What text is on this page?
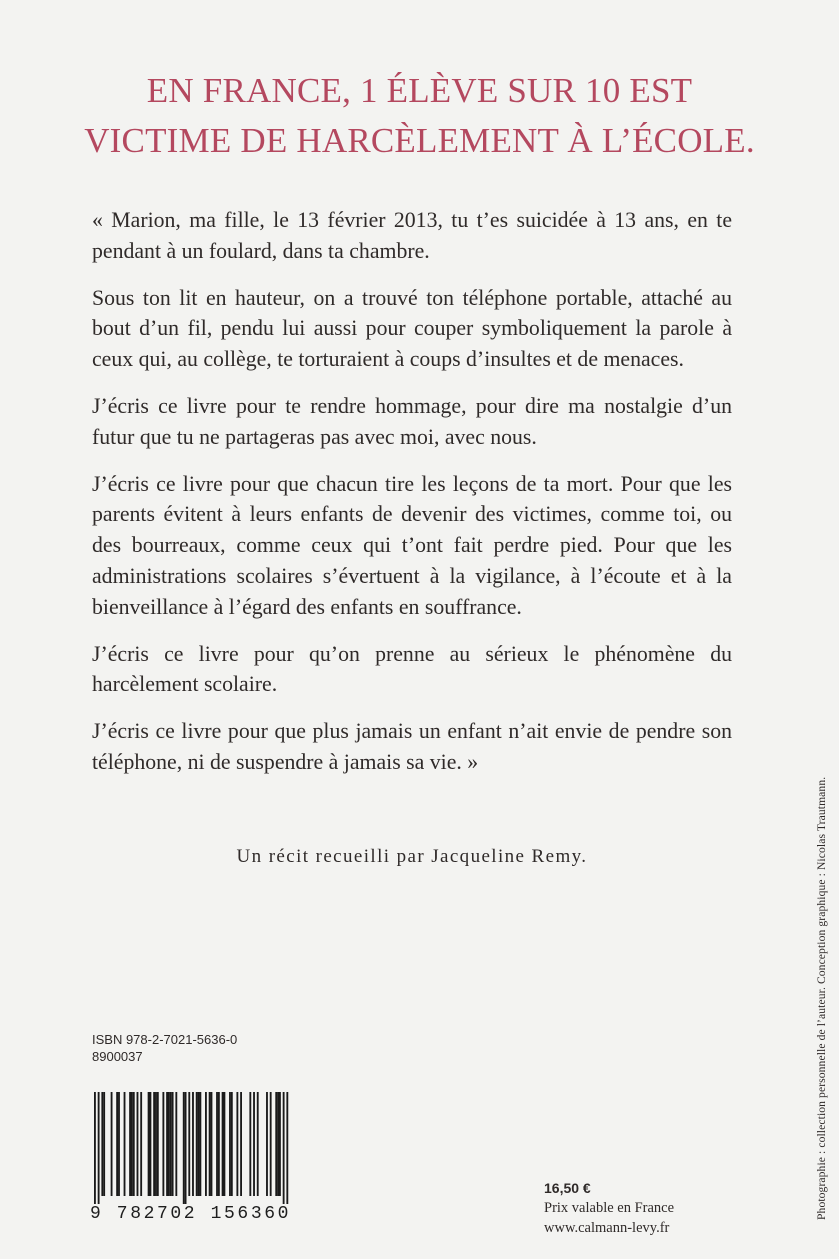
EN FRANCE, 1 ÉLÈVE SUR 10 EST
VICTIME DE HARCÈLEMENT À L’ÉCOLE.

« Marion, ma fille, le 13 février 2013, tu t’es suicidée à 13 ans, en te pendant à un foulard, dans ta chambre.

Sous ton lit en hauteur, on a trouvé ton téléphone portable, attaché au bout d’un fil, pendu lui aussi pour couper symboliquement la parole à ceux qui, au collège, te torturaient à coups d’insultes et de menaces.

J’écris ce livre pour te rendre hommage, pour dire ma nostalgie d’un futur que tu ne partageras pas avec moi, avec nous.

J’écris ce livre pour que chacun tire les leçons de ta mort. Pour que les parents évitent à leurs enfants de devenir des victimes, comme toi, ou des bourreaux, comme ceux qui t’ont fait perdre pied. Pour que les administrations scolaires s’évertuent à la vigilance, à l’écoute et à la bienveillance à l’égard des enfants en souffrance.

J’écris ce livre pour qu’on prenne au sérieux le phénomène du harcèlement scolaire.

J’écris ce livre pour que plus jamais un enfant n’ait envie de pendre son téléphone, ni de suspendre à jamais sa vie. »

Un récit recueilli par Jacqueline Remy.
ISBN 978-2-7021-5636-0
8900037
9 782702 156360
16,50 €
Prix valable en France
www.calmann-levy.fr
Photographie : collection personnelle de l’auteur. Conception graphique : Nicolas Trautmann.
